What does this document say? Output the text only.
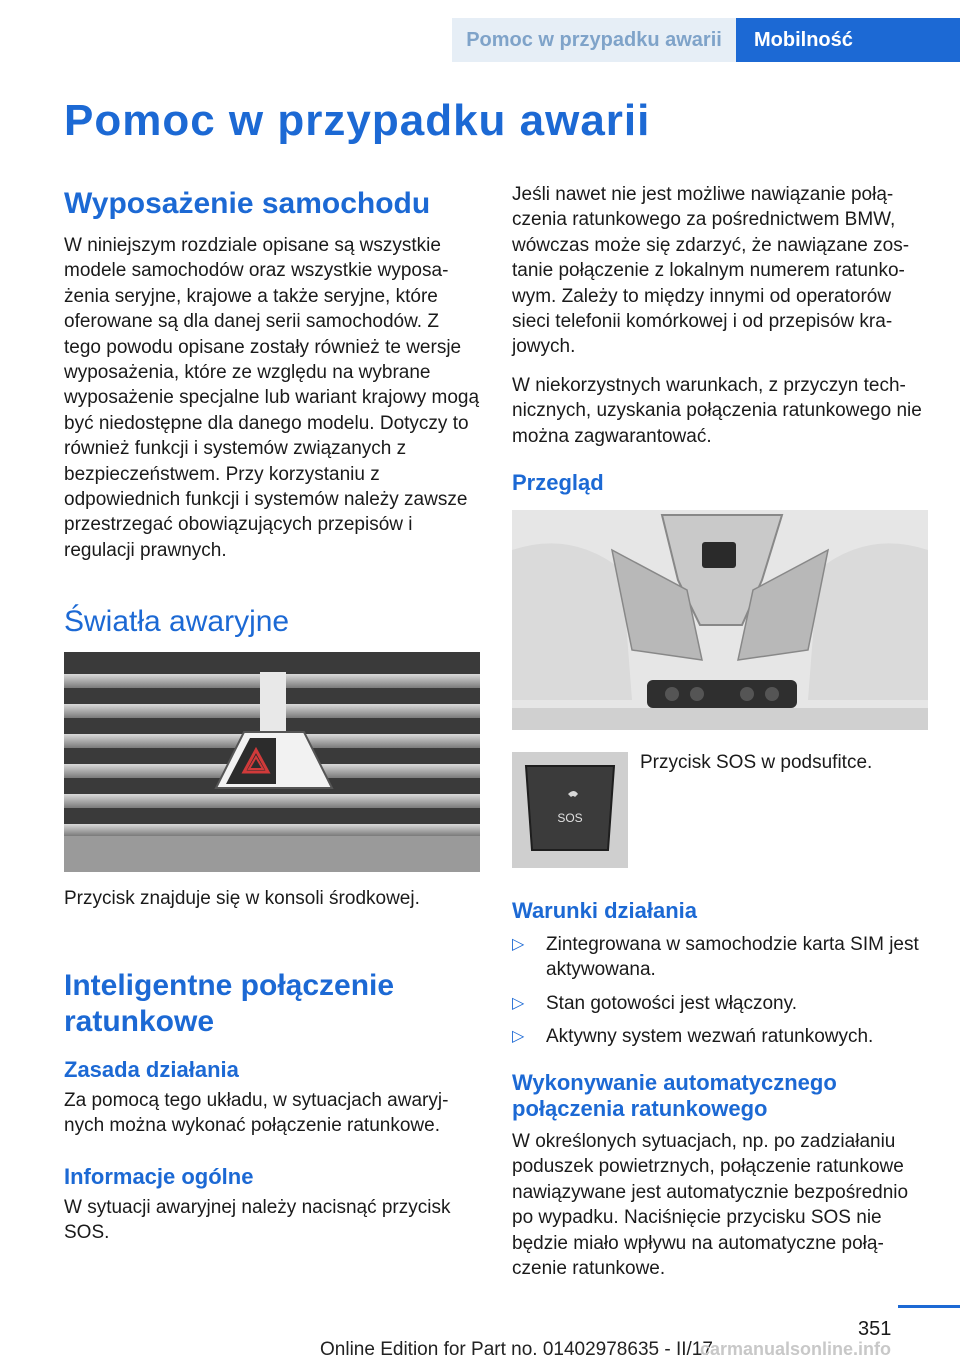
Pomoc w przypadku awarii	Mobilność
Pomoc w przypadku awarii
Wyposażenie samochodu
W niniejszym rozdziale opisane są wszystkie modele samochodów oraz wszystkie wyposażenia seryjne, krajowe a także seryjne, które oferowane są dla danej serii samochodów. Z tego powodu opisane zostały również te wersje wyposażenia, które ze względu na wybrane wyposażenie specjalne lub wariant krajowy mogą być niedostępne dla danego modelu. Dotyczy to również funkcji i systemów związanych z bezpieczeństwem. Przy korzystaniu z odpowiednich funkcji i systemów należy zawsze przestrzegać obowiązujących przepisów i regulacji prawnych.
Światła awaryjne
Przycisk znajduje się w konsoli środkowej.
Inteligentne połączenie ratunkowe
Zasada działania
Za pomocą tego układu, w sytuacjach awaryjnych można wykonać połączenie ratunkowe.
Informacje ogólne
W sytuacji awaryjnej należy nacisnąć przycisk SOS.
Jeśli nawet nie jest możliwe nawiązanie połączenia ratunkowego za pośrednictwem BMW, wówczas może się zdarzyć, że nawiązane zostanie połączenie z lokalnym numerem ratunkowym. Zależy to między innymi od operatorów sieci telefonii komórkowej i od przepisów krajowych.
W niekorzystnych warunkach, z przyczyn technicznych, uzyskania połączenia ratunkowego nie można zagwarantować.
Przegląd
SOS
Przycisk SOS w podsufitce.
Warunki działania
▷ Zintegrowana w samochodzie karta SIM jest aktywowana.
▷ Stan gotowości jest włączony.
▷ Aktywny system wezwań ratunkowych.
Wykonywanie automatycznego połączenia ratunkowego
W określonych sytuacjach, np. po zadziałaniu poduszek powietrznych, połączenie ratunkowe nawiązywane jest automatycznie bezpośrednio po wypadku. Naciśnięcie przycisku SOS nie będzie miało wpływu na automatyczne połączenie ratunkowe.
351
Online Edition for Part no. 01402978635 - II/17
carmanualsonline.info
